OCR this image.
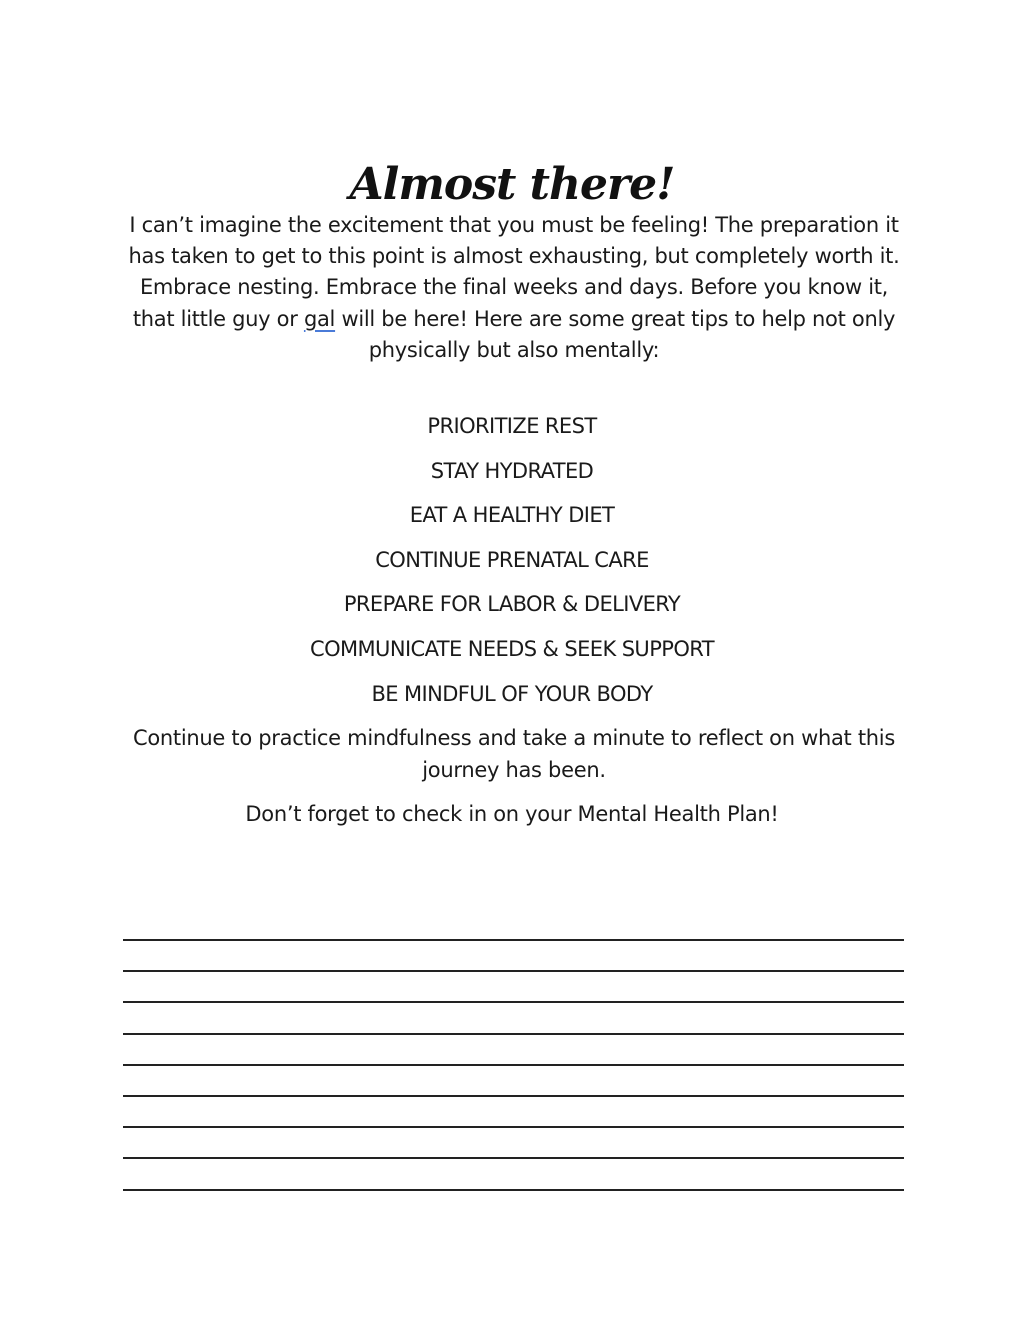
Almost there!

I can’t imagine the excitement that you must be feeling! The preparation it has taken to get to this point is almost exhausting, but completely worth it. Embrace nesting. Embrace the final weeks and days. Before you know it, that little guy or gal will be here! Here are some great tips to help not only physically but also mentally:

PRIORITIZE REST
STAY HYDRATED
EAT A HEALTHY DIET
CONTINUE PRENATAL CARE
PREPARE FOR LABOR & DELIVERY
COMMUNICATE NEEDS & SEEK SUPPORT
BE MINDFUL OF YOUR BODY

Continue to practice mindfulness and take a minute to reflect on what this journey has been.

Don’t forget to check in on your Mental Health Plan!
